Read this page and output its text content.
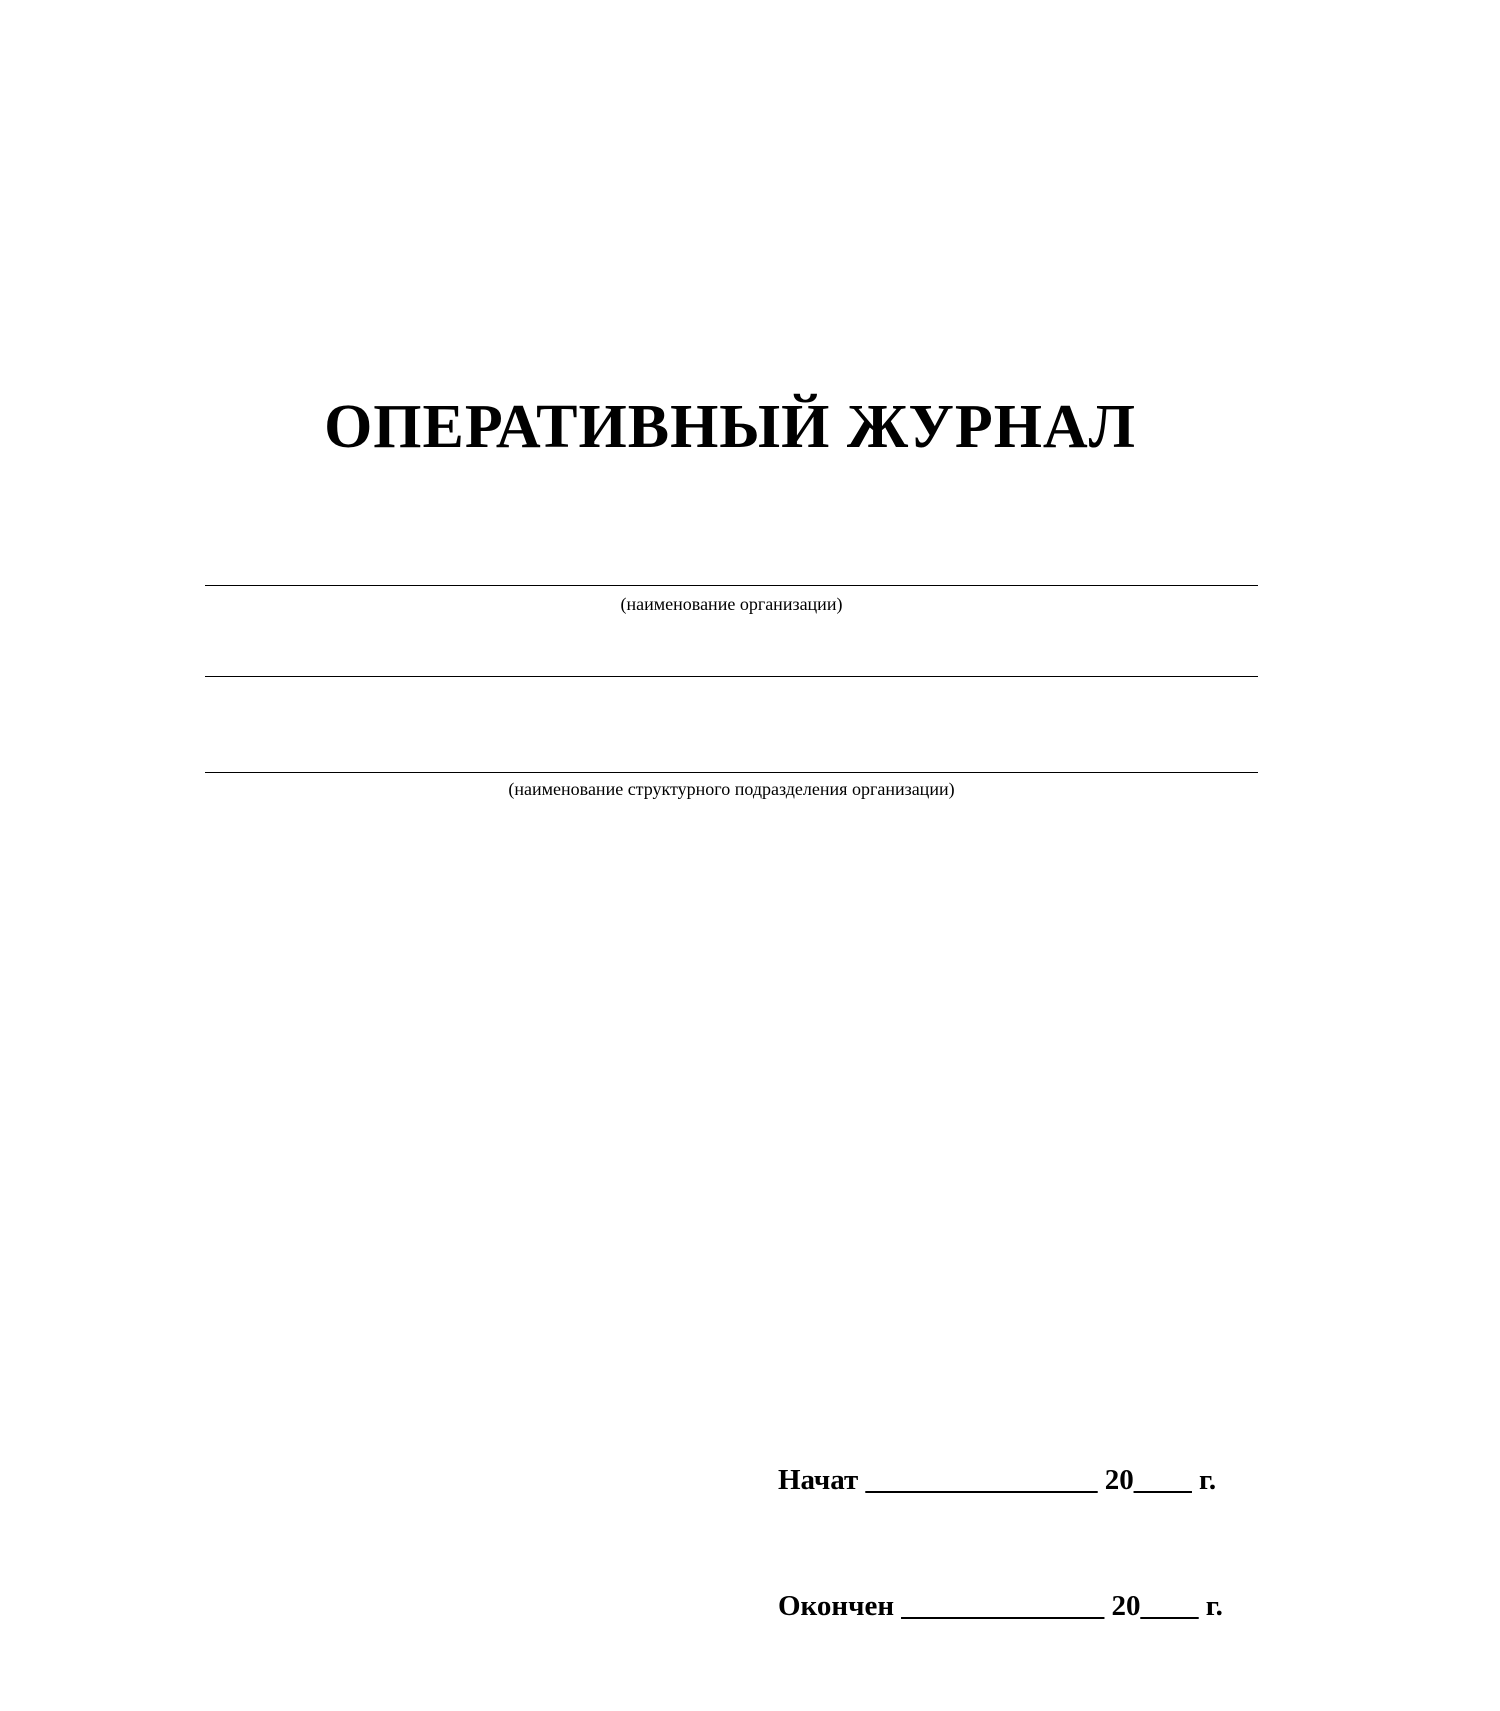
ОПЕРАТИВНЫЙ ЖУРНАЛ
(наименование организации)
(наименование структурного подразделения организации)

Начат ________________ 20____ г.

Окончен ______________ 20____ г.
